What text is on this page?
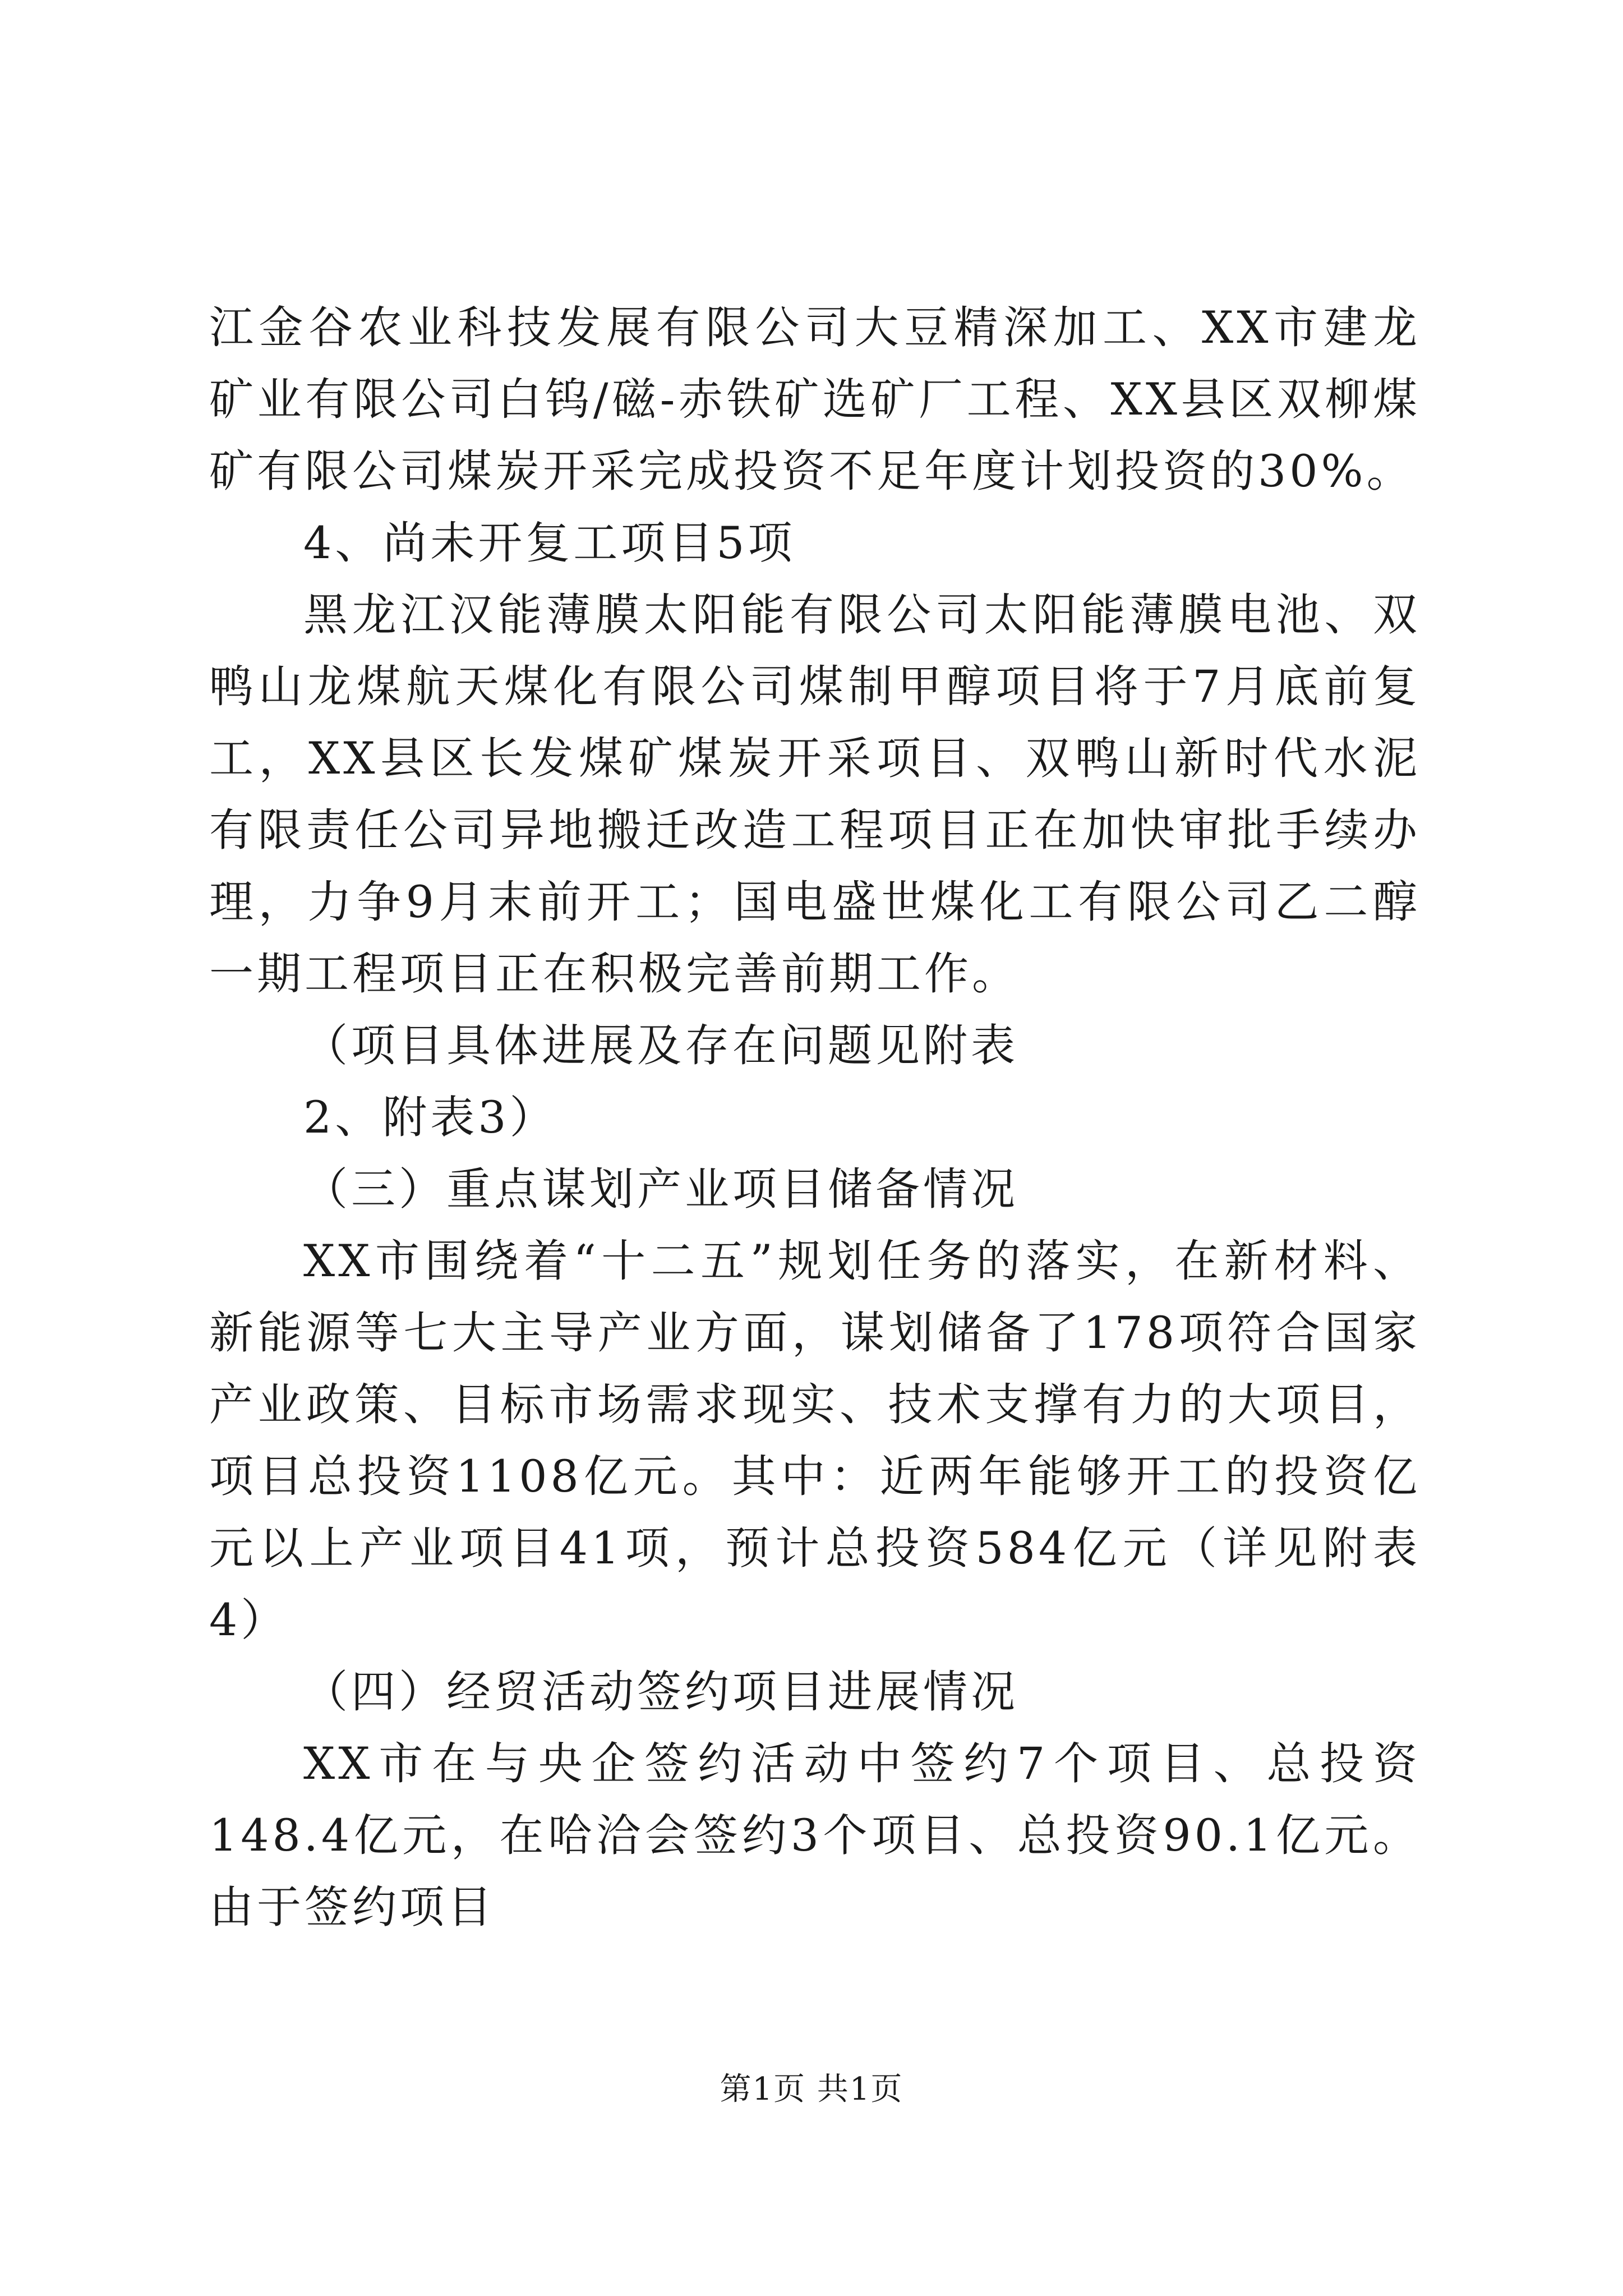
江金谷农业科技发展有限公司大豆精深加工、XX市建龙矿业有限公司白钨/磁-赤铁矿选矿厂工程、XX县区双柳煤矿有限公司煤炭开采完成投资不足年度计划投资的30%。

4、尚未开复工项目5项

黑龙江汉能薄膜太阳能有限公司太阳能薄膜电池、双鸭山龙煤航天煤化有限公司煤制甲醇项目将于7月底前复工，XX县区长发煤矿煤炭开采项目、双鸭山新时代水泥有限责任公司异地搬迁改造工程项目正在加快审批手续办理，力争9月末前开工；国电盛世煤化工有限公司乙二醇一期工程项目正在积极完善前期工作。

（项目具体进展及存在问题见附表

2、附表3）

（三）重点谋划产业项目储备情况

XX市围绕着“十二五”规划任务的落实，在新材料、新能源等七大主导产业方面，谋划储备了178项符合国家产业政策、目标市场需求现实、技术支撑有力的大项目，项目总投资1108亿元。其中：近两年能够开工的投资亿元以上产业项目41项，预计总投资584亿元（详见附表4）

（四）经贸活动签约项目进展情况

XX市在与央企签约活动中签约7个项目、总投资148.4亿元，在哈洽会签约3个项目、总投资90.1亿元。由于签约项目

第1页 共1页
